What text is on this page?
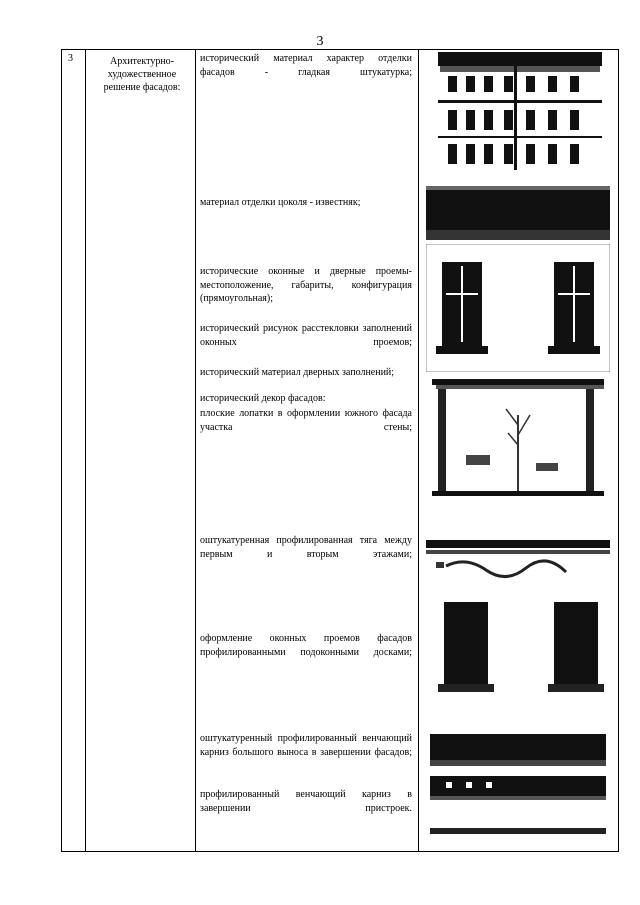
3
3	Архитектурно-художественное решение фасадов:
исторический материал характер отделки фасадов - гладкая штукатурка;
материал отделки цоколя - известняк;
исторические оконные и дверные проемы- местоположение, габариты, конфигурация (прямоугольная);
исторический рисунок расстекловки заполнений оконных проемов;
исторический материал дверных заполнений;
исторический декор фасадов:
плоские лопатки в оформлении южного фасада участка стены;
оштукатуренная профилированная тяга между первым и вторым этажами;
оформление оконных проемов фасадов профилированными подоконными досками;
оштукатуренный профилированный венчающий карниз большого выноса в завершении фасадов;
профилированный венчающий карниз в завершении пристроек.
